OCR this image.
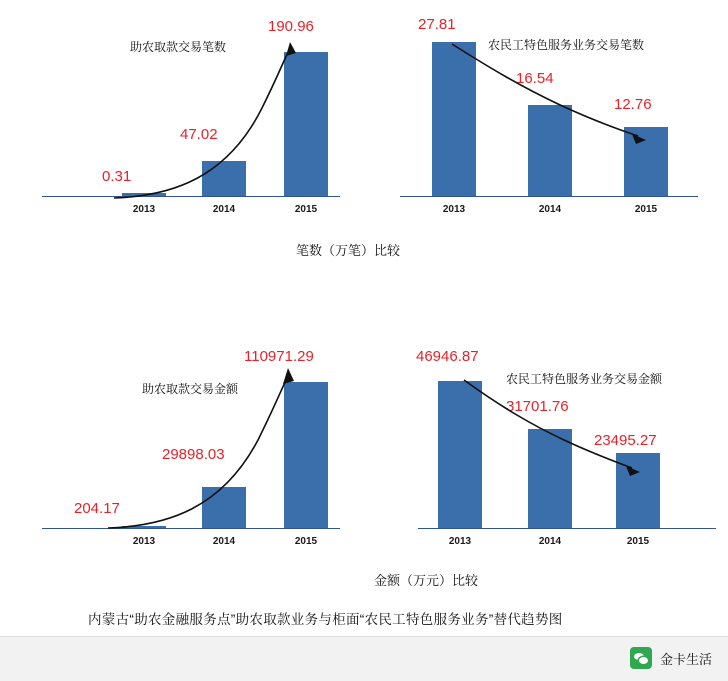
2013	2014	2015
0.31
47.02
190.96
助农取款交易笔数
2013	2014	2015
27.81
16.54
12.76
农民工特色服务业务交易笔数
笔数（万笔）比较
2013	2014	2015
204.17
29898.03
110971.29
助农取款交易金额
2013	2014	2015
46946.87
31701.76
23495.27
农民工特色服务业务交易金额
金额（万元）比较
内蒙古“助农金融服务点”助农取款业务与柜面“农民工特色服务业务”替代趋势图
金卡生活
